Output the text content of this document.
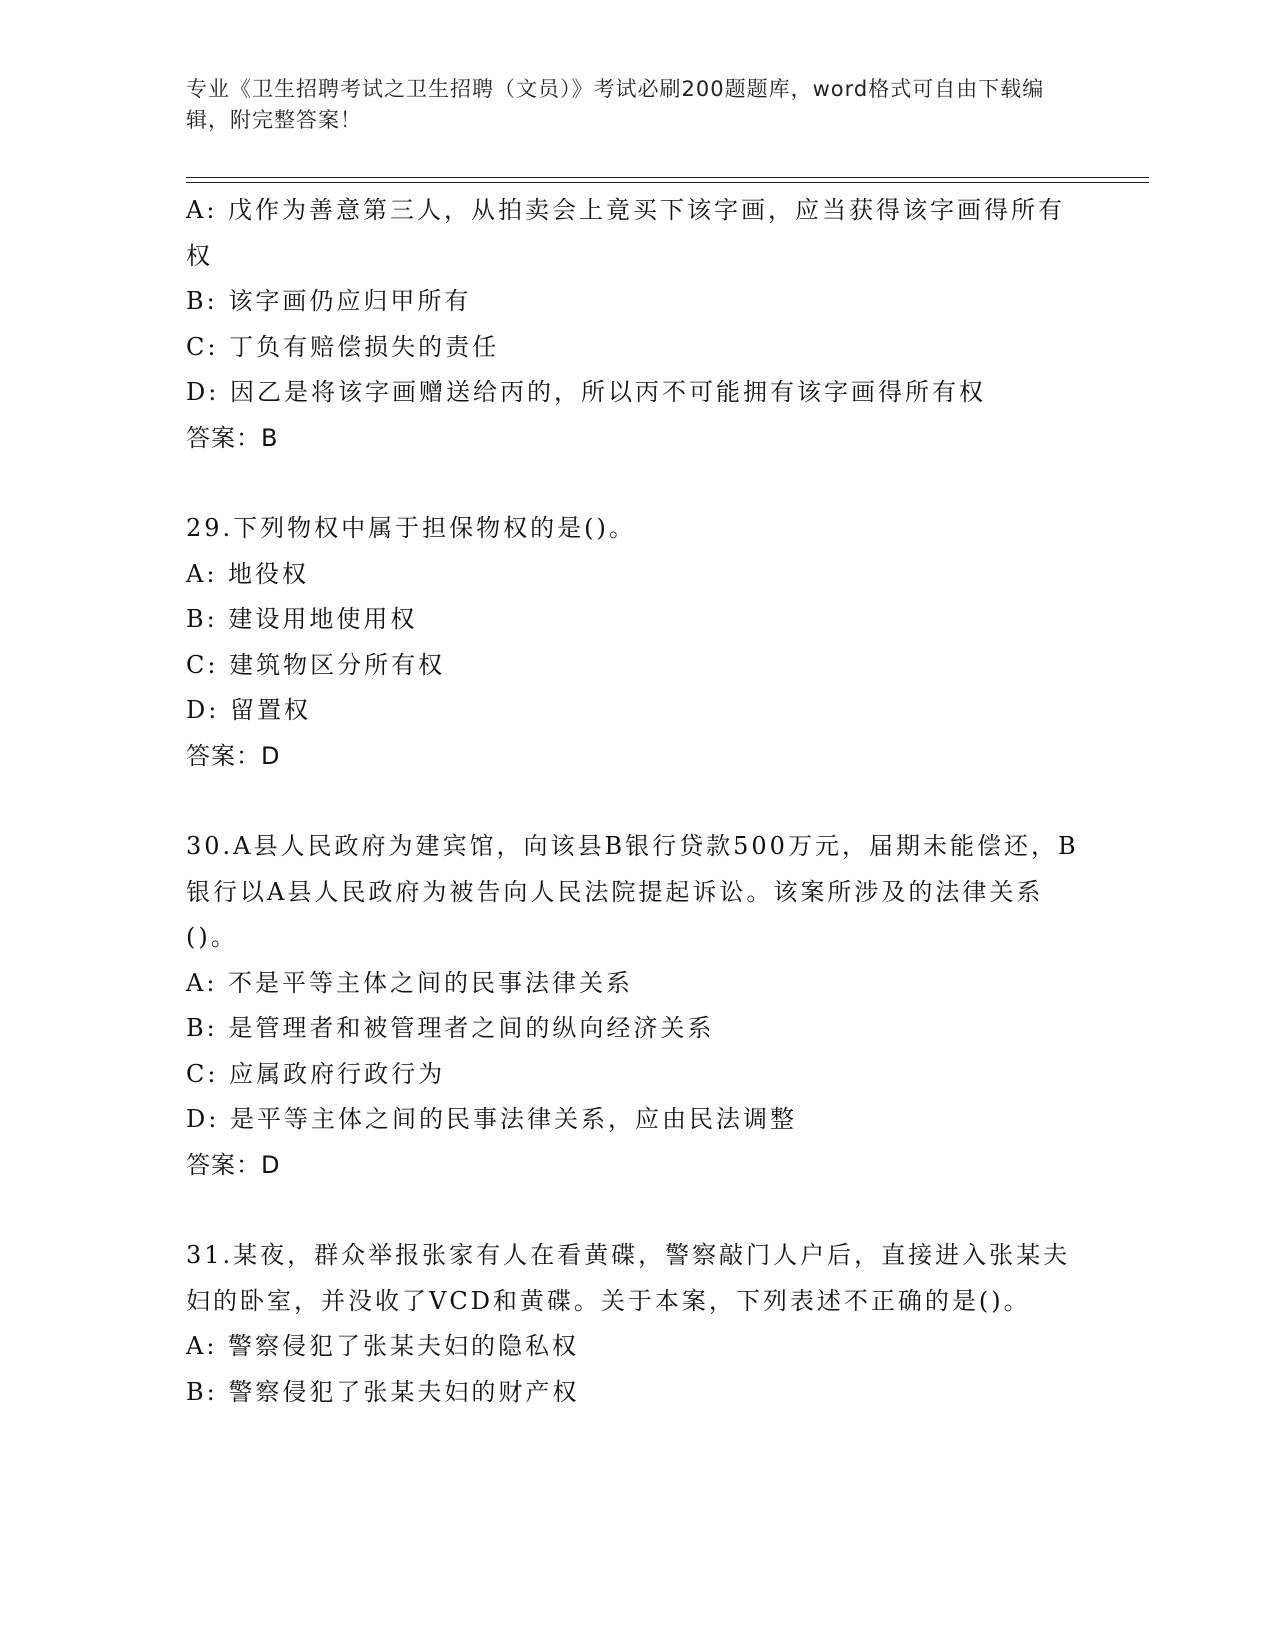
专业《卫生招聘考试之卫生招聘（文员）》考试必刷200题题库，word格式可自由下载编辑，附完整答案！
A: 戊作为善意第三人，从拍卖会上竟买下该字画，应当获得该字画得所有权
B: 该字画仍应归甲所有
C: 丁负有赔偿损失的责任
D: 因乙是将该字画赠送给丙的，所以丙不可能拥有该字画得所有权
答案：B
29.下列物权中属于担保物权的是()。
A: 地役权
B: 建设用地使用权
C: 建筑物区分所有权
D: 留置权
答案：D
30.A县人民政府为建宾馆，向该县B银行贷款500万元，届期未能偿还，B银行以A县人民政府为被告向人民法院提起诉讼。该案所涉及的法律关系()。
A: 不是平等主体之间的民事法律关系
B: 是管理者和被管理者之间的纵向经济关系
C: 应属政府行政行为
D: 是平等主体之间的民事法律关系，应由民法调整
答案：D
31.某夜，群众举报张家有人在看黄碟，警察敲门人户后，直接进入张某夫妇的卧室，并没收了VCD和黄碟。关于本案，下列表述不正确的是()。
A: 警察侵犯了张某夫妇的隐私权
B: 警察侵犯了张某夫妇的财产权
